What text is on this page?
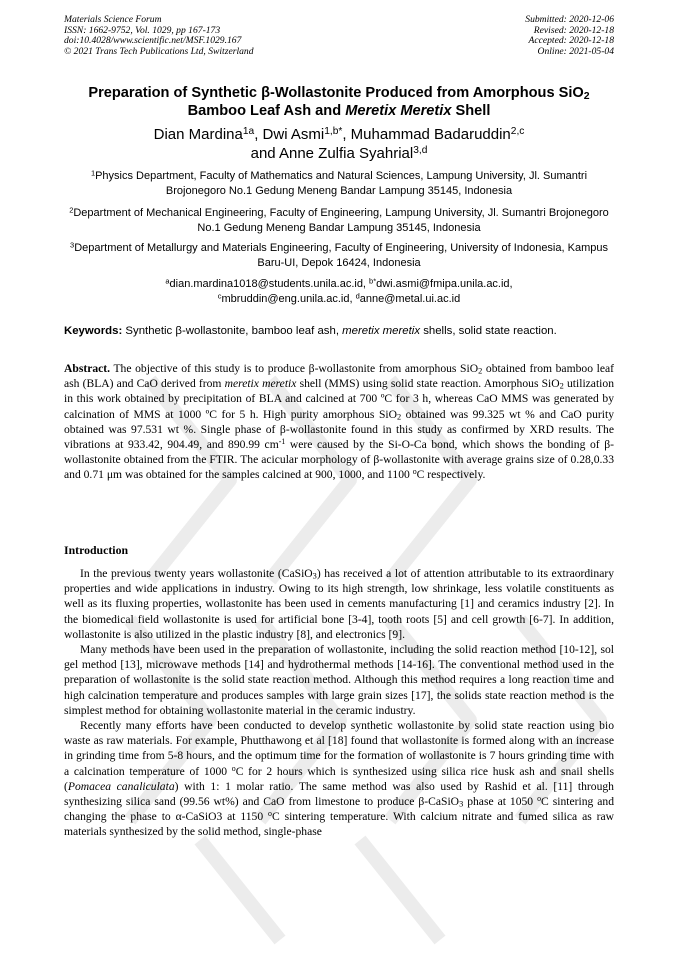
Materials Science Forum
ISSN: 1662-9752, Vol. 1029, pp 167-173
doi:10.4028/www.scientific.net/MSF.1029.167
© 2021 Trans Tech Publications Ltd, Switzerland
Submitted: 2020-12-06
Revised: 2020-12-18
Accepted: 2020-12-18
Online: 2021-05-04
Preparation of Synthetic β-Wollastonite Produced from Amorphous SiO$_2$
Bamboo Leaf Ash and Meretix Meretix Shell
Dian Mardina$^{1a}$, Dwi Asmi$^{1,b*}$, Muhammad Badaruddin$^{2,c}$
and Anne Zulfia Syahrial$^{3,d}$
$^1$Physics Department, Faculty of Mathematics and Natural Sciences, Lampung University, Jl. Sumantri Brojonegoro No.1 Gedung Meneng Bandar Lampung 35145, Indonesia
$^2$Department of Mechanical Engineering, Faculty of Engineering, Lampung University, Jl. Sumantri Brojonegoro No.1 Gedung Meneng Bandar Lampung 35145, Indonesia
$^3$Department of Metallurgy and Materials Engineering, Faculty of Engineering, University of Indonesia, Kampus Baru-UI, Depok 16424, Indonesia
$^a$dian.mardina1018@students.unila.ac.id, $^{b*}$dwi.asmi@fmipa.unila.ac.id,
$^c$mbruddin@eng.unila.ac.id, $^d$anne@metal.ui.ac.id
Keywords: Synthetic β-wollastonite, bamboo leaf ash, meretix meretix shells, solid state reaction.
Abstract. The objective of this study is to produce β-wollastonite from amorphous SiO$_2$ obtained from bamboo leaf ash (BLA) and CaO derived from meretix meretix shell (MMS) using solid state reaction. Amorphous SiO$_2$ utilization in this work obtained by precipitation of BLA and calcined at 700 ºC for 3 h, whereas CaO MMS was generated by calcination of MMS at 1000 ºC for 5 h. High purity amorphous SiO$_2$ obtained was 99.325 wt % and CaO purity obtained was 97.531 wt %. Single phase of β-wollastonite found in this study as confirmed by XRD results. The vibrations at 933.42, 904.49, and 890.99 $cm^{-1}$ were caused by the Si-O-Ca bond, which shows the bonding of β-wollastonite obtained from the FTIR. The acicular morphology of β-wollastonite with average grains size of 0.28,0.33 and 0.71 μm was obtained for the samples calcined at 900, 1000, and 1100 $^o$C respectively.
Introduction

In the previous twenty years wollastonite (CaSiO$_3$) has received a lot of attention attributable to its extraordinary properties and wide applications in industry. Owing to its high strength, low shrinkage, less volatile constituents as well as its fluxing properties, wollastonite has been used in cements manufacturing [1] and ceramics industry [2]. In the biomedical field wollastonite is used for artificial bone [3-4], tooth roots [5] and cell growth [6-7]. In addition, wollastonite is also utilized in the plastic industry [8], and electronics [9].

Many methods have been used in the preparation of wollastonite, including the solid reaction method [10-12], sol gel method [13], microwave methods [14] and hydrothermal methods [14-16]. The conventional method used in the preparation of wollastonite is the solid state reaction method. Although this method requires a long reaction time and high calcination temperature and produces samples with large grain sizes [17], the solids state reaction method is the simplest method for obtaining wollastonite material in the ceramic industry.

Recently many efforts have been conducted to develop synthetic wollastonite by solid state reaction using bio waste as raw materials. For example, Phutthawong et al [18] found that wollastonite is formed along with an increase in grinding time from 5-8 hours, and the optimum time for the formation of wollastonite is 7 hours grinding time with a calcination temperature of 1000 $^o$C for 2 hours which is synthesized using silica rice husk ash and snail shells (Pomacea canaliculata) with 1: 1 molar ratio. The same method was also used by Rashid et al. [11] through synthesizing silica sand (99.56 wt%) and CaO from limestone to produce β-CaSiO$_3$ phase at 1050 $^o$C sintering and changing the phase to α-CaSiO3 at 1150 $^o$C sintering temperature. With calcium nitrate and fumed silica as raw materials synthesized by the solid method, single-phase
